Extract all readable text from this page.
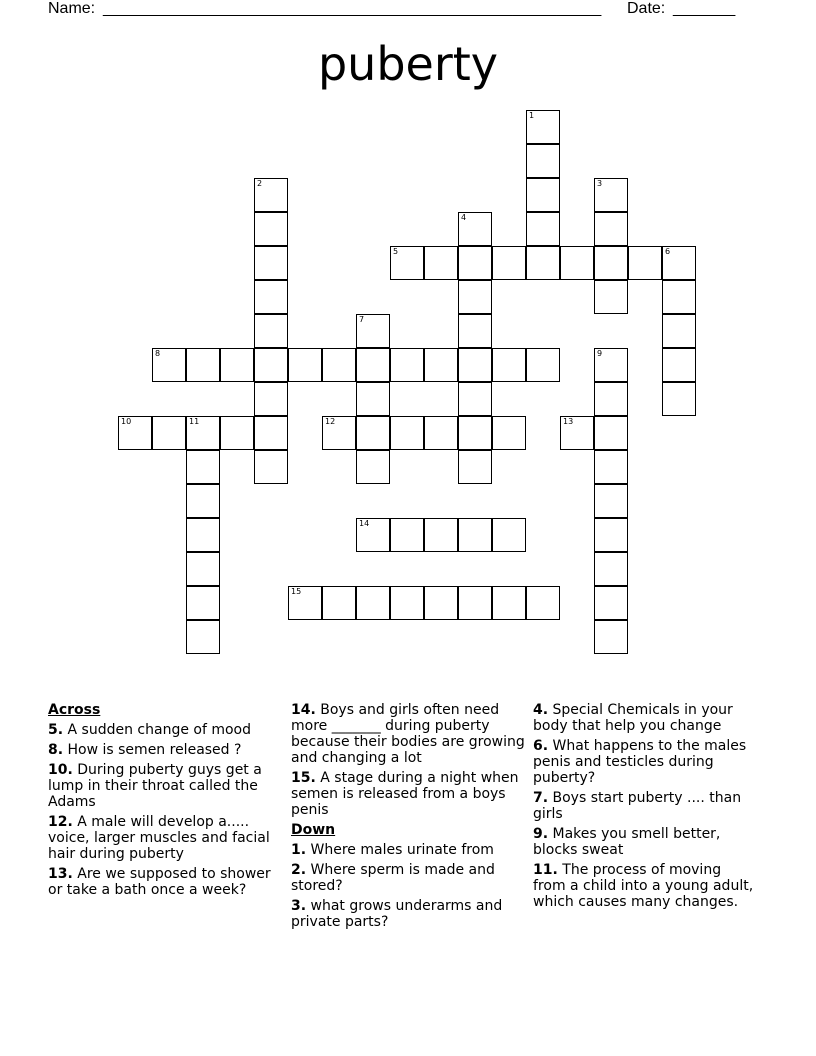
Name: ________________________________________________________ Date: _______
puberty
1
2	3
4
5	6
7
8	9
10	11	12	13
14
15
Across
5. A sudden change of mood
8. How is semen released ?
10. During puberty guys get a lump in their throat called the Adams
12. A male will develop a..... voice, larger muscles and facial hair during puberty
13. Are we supposed to shower or take a bath once a week?
14. Boys and girls often need more _______ during puberty because their bodies are growing and changing a lot
15. A stage during a night when semen is released from a boys penis
Down
1. Where males urinate from
2. Where sperm is made and stored?
3. what grows underarms and private parts?
4. Special Chemicals in your body that help you change
6. What happens to the males penis and testicles during puberty?
7. Boys start puberty .... than girls
9. Makes you smell better, blocks sweat
11. The process of moving from a child into a young adult, which causes many changes.
